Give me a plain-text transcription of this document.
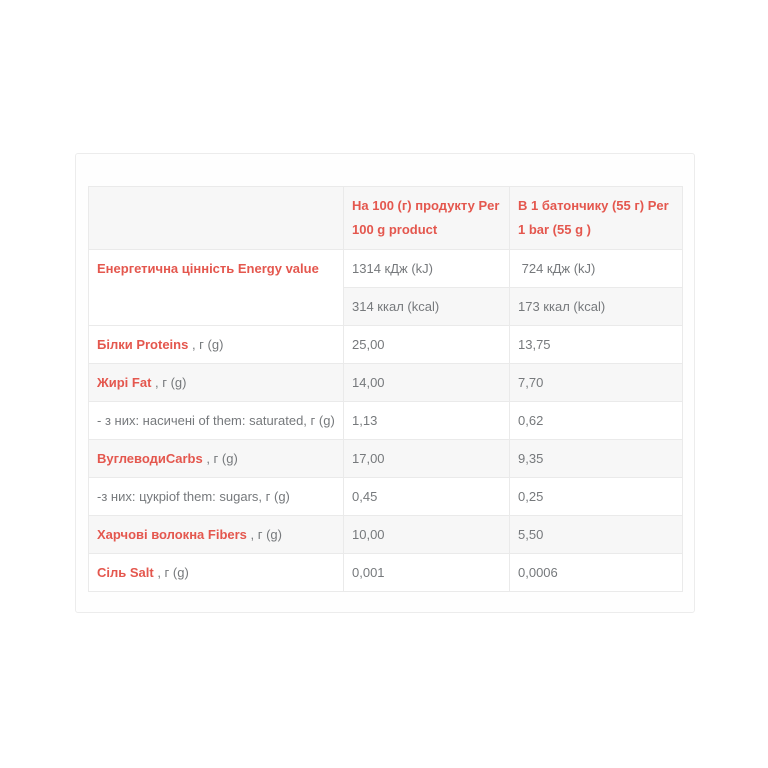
	На 100 (г) продукту Per 100 g product	В 1 батончику (55 г) Per 1 bar (55 g )
Енергетична цінність Energy value	1314 кДж (kJ)	724 кДж (kJ)
	314 ккал (kcal)	173 ккал (kcal)
Білки Proteins , г (g)	25,00	13,75
Жирі Fat , г (g)	14,00	7,70
- з них: насичені of them: saturated, г (g)	1,13	0,62
ВуглеводиCarbs , г (g)	17,00	9,35
-з них: цукріof them: sugars, г (g)	0,45	0,25
Харчові волокна Fibers , г (g)	10,00	5,50
Сіль Salt , г (g)	0,001	0,0006
